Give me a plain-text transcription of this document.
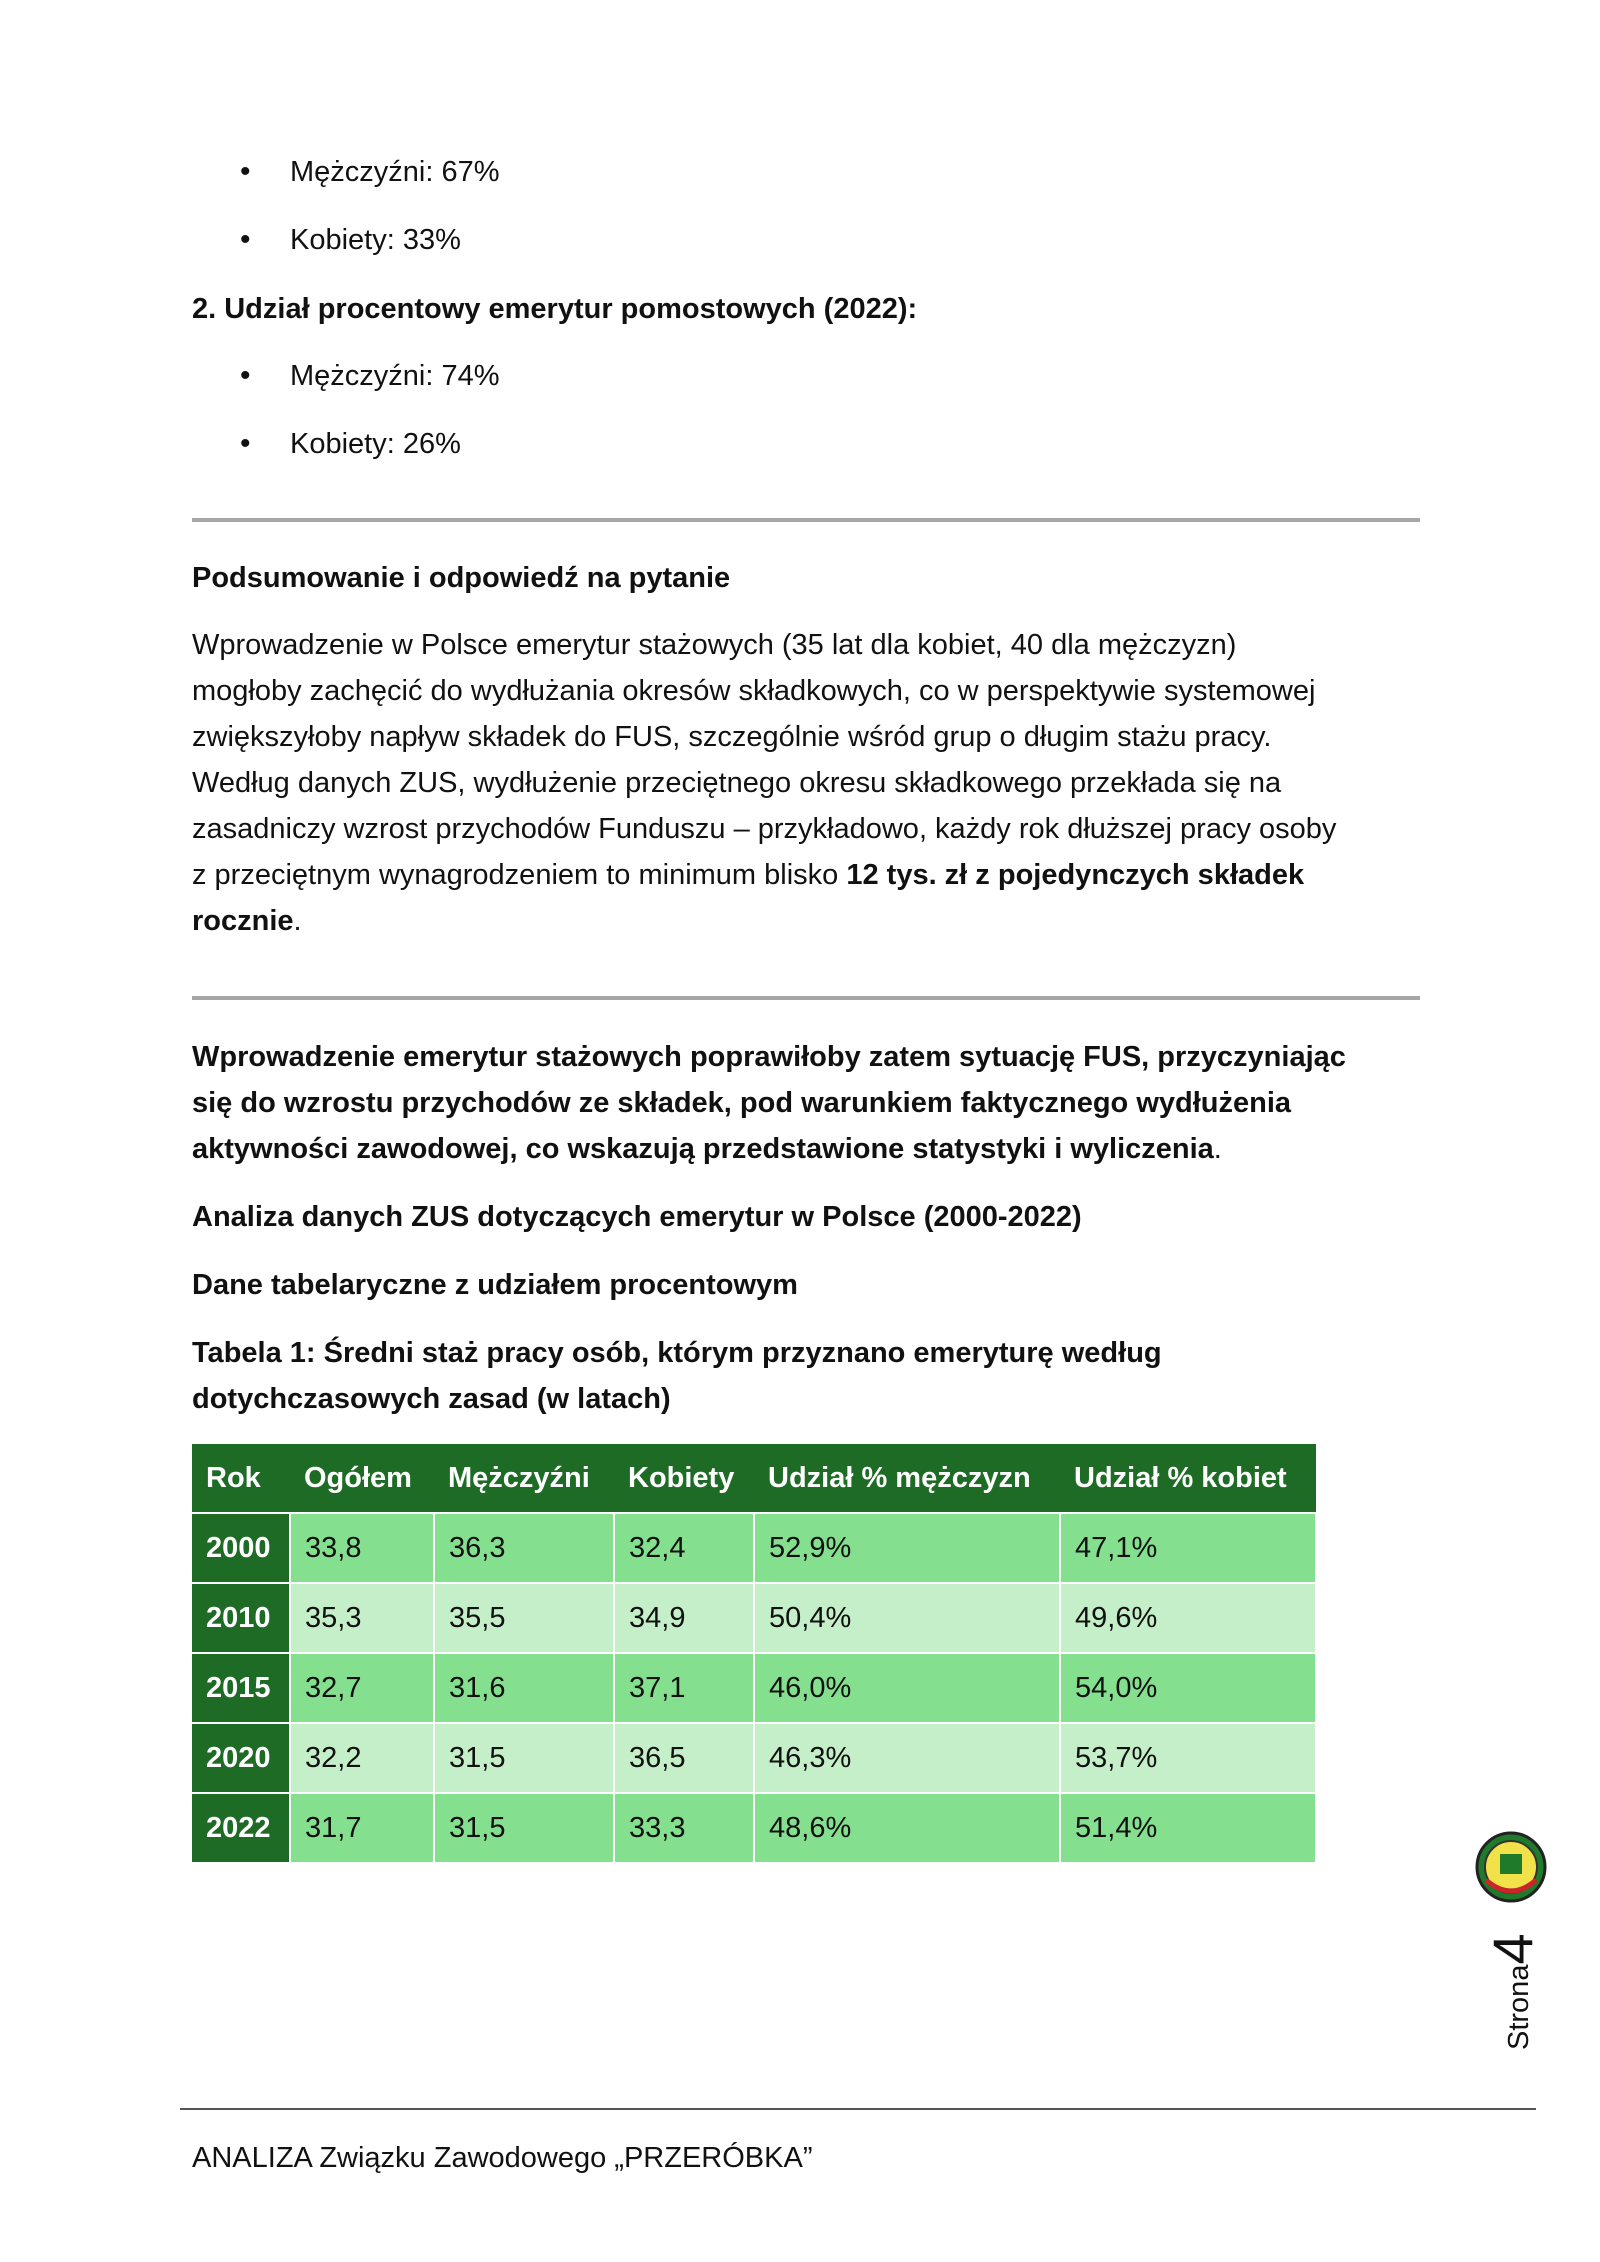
• Mężczyźni: 67%
• Kobiety: 33%
2. Udział procentowy emerytur pomostowych (2022):
• Mężczyźni: 74%
• Kobiety: 26%
Podsumowanie i odpowiedź na pytanie
Wprowadzenie w Polsce emerytur stażowych (35 lat dla kobiet, 40 dla mężczyzn)
mogłoby zachęcić do wydłużania okresów składkowych, co w perspektywie systemowej
zwiększyłoby napływ składek do FUS, szczególnie wśród grup o długim stażu pracy.
Według danych ZUS, wydłużenie przeciętnego okresu składkowego przekłada się na
zasadniczy wzrost przychodów Funduszu – przykładowo, każdy rok dłuższej pracy osoby
z przeciętnym wynagrodzeniem to minimum blisko 12 tys. zł z pojedynczych składek
rocznie.
Wprowadzenie emerytur stażowych poprawiłoby zatem sytuację FUS, przyczyniając
się do wzrostu przychodów ze składek, pod warunkiem faktycznego wydłużenia
aktywności zawodowej, co wskazują przedstawione statystyki i wyliczenia.
Analiza danych ZUS dotyczących emerytur w Polsce (2000-2022)
Dane tabelaryczne z udziałem procentowym
Tabela 1: Średni staż pracy osób, którym przyznano emeryturę według
dotychczasowych zasad (w latach)
Rok	Ogółem	Mężczyźni	Kobiety	Udział % mężczyzn	Udział % kobiet
2000	33,8	36,3	32,4	52,9%	47,1%
2010	35,3	35,5	34,9	50,4%	49,6%
2015	32,7	31,6	37,1	46,0%	54,0%
2020	32,2	31,5	36,5	46,3%	53,7%
2022	31,7	31,5	33,3	48,6%	51,4%
Strona4

ANALIZA Związku Zawodowego „PRZERÓBKA”
